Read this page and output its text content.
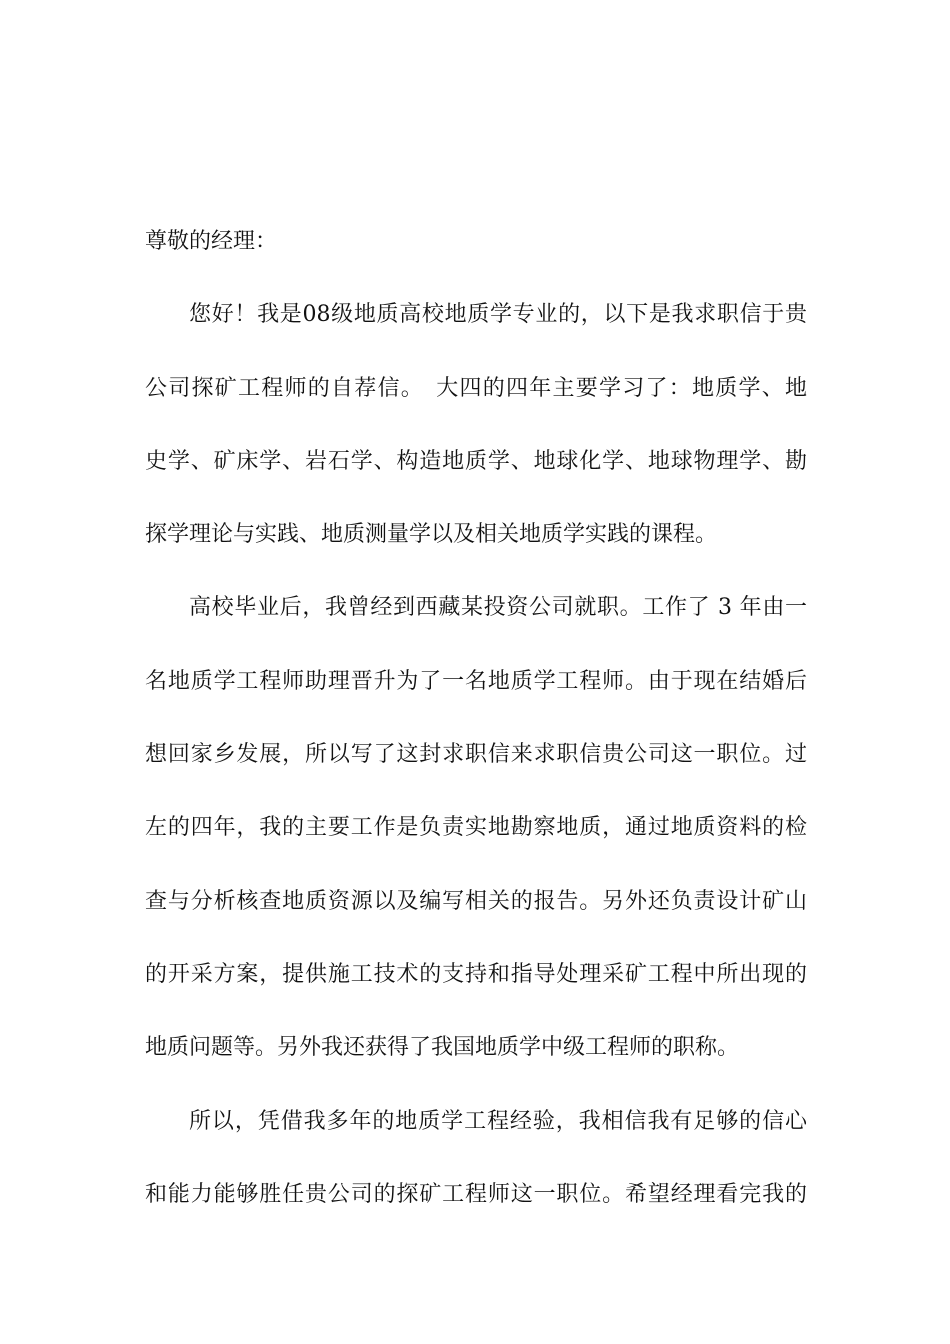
尊敬的经理：
您好！我是08级地质高校地质学专业的，以下是我求职信于贵
公司探矿工程师的自荐信。　大四的四年主要学习了：地质学、地
史学、矿床学、岩石学、构造地质学、地球化学、地球物理学、勘
探学理论与实践、地质测量学以及相关地质学实践的课程。
高校毕业后，我曾经到西藏某投资公司就职。工作了 3 年由一
名地质学工程师助理晋升为了一名地质学工程师。由于现在结婚后
想回家乡发展，所以写了这封求职信来求职信贵公司这一职位。过
左的四年，我的主要工作是负责实地勘察地质，通过地质资料的检
查与分析核查地质资源以及编写相关的报告。另外还负责设计矿山
的开采方案，提供施工技术的支持和指导处理采矿工程中所出现的
地质问题等。另外我还获得了我国地质学中级工程师的职称。
所以，凭借我多年的地质学工程经验，我相信我有足够的信心
和能力能够胜任贵公司的探矿工程师这一职位。希望经理看完我的
